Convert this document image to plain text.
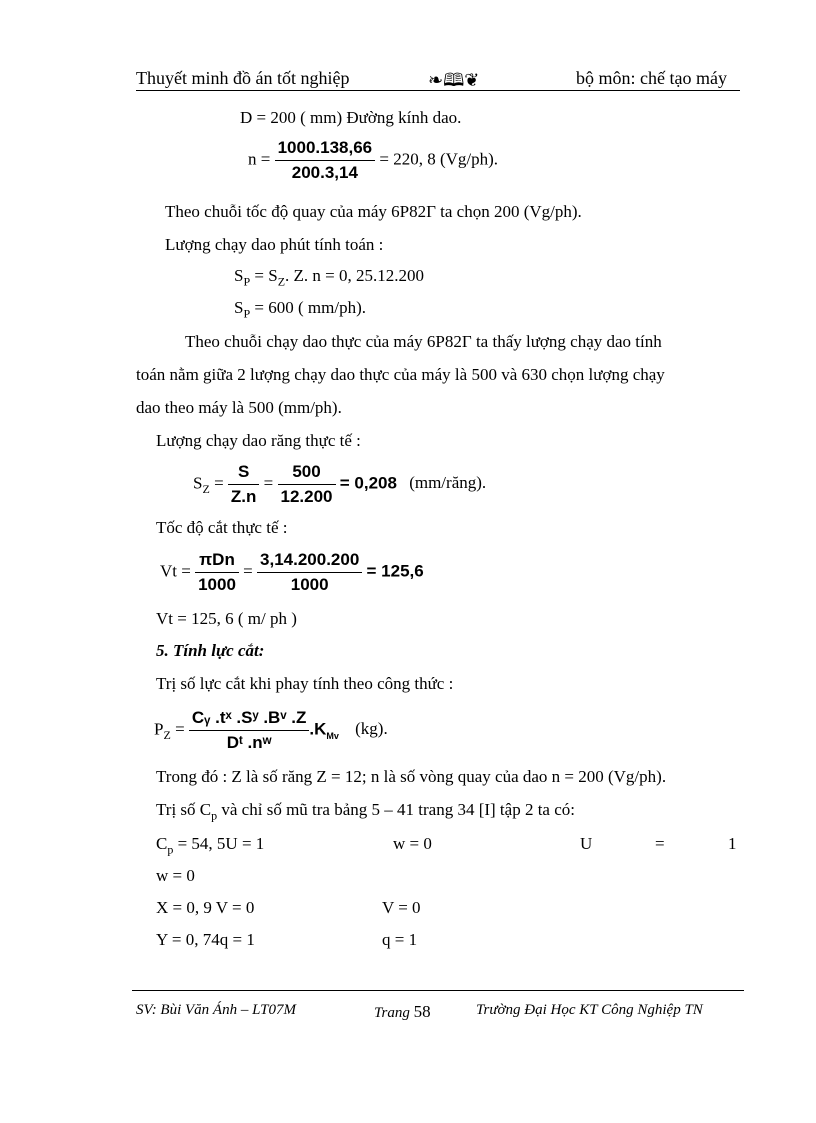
Thuyết minh đồ án tốt nghiệp	❧🕮❦	bộ môn: chế tạo máy
D = 200 ( mm) Đường kính dao.
$n = \frac{1000.138,66}{200.3,14} = 220$, 8 (Vg/ph).
Theo chuỗi tốc độ quay của máy 6P82Γ ta chọn 200 (Vg/ph).
Lượng chạy dao phút tính toán :
$S_P = S_Z$. Z. n = 0, 25.12.200
$S_P = 600$ ( mm/ph).
Theo chuỗi chạy dao thực của máy 6P82Γ ta thấy lượng chạy dao tính
toán nằm giữa 2 lượng chạy dao thực của máy là 500 và 630 chọn lượng chạy
dao theo máy là 500 (mm/ph).
Lượng chạy dao răng thực tế :
$S_Z = \frac{S}{Z.n} = \frac{500}{12.200} = 0,208$ (mm/răng).
Tốc độ cắt thực tế :
$Vt = \frac{\text{πDn}}{1000} = \frac{3,14.200.200}{1000} = 125,6$
Vt = 125, 6 ( m/ ph )
5. Tính lực cắt:
Trị số lực cắt khi phay tính theo công thức :
$P_Z = \frac{\text{Cᵧ .tˣ .Sʸ .Bᵛ .Z}}{\text{Dᵗ .nʷ}} .K_{Mv}$ (kg).
Trong đó : Z là số răng Z = 12; n là số vòng quay của dao n = 200 (Vg/ph).
Trị số $C_p$ và chỉ số mũ tra bảng 5 – 41 trang 34 [I] tập 2 ta có:
$C_p = 54$, 5U = 1	w = 0	U	=	1
w = 0
X = 0, 9 V = 0	V = 0
Y = 0, 74q = 1	q = 1
SV: Bùi Văn Ánh – LT07M	Trang 58	Trường Đại Học KT Công Nghiệp TN
